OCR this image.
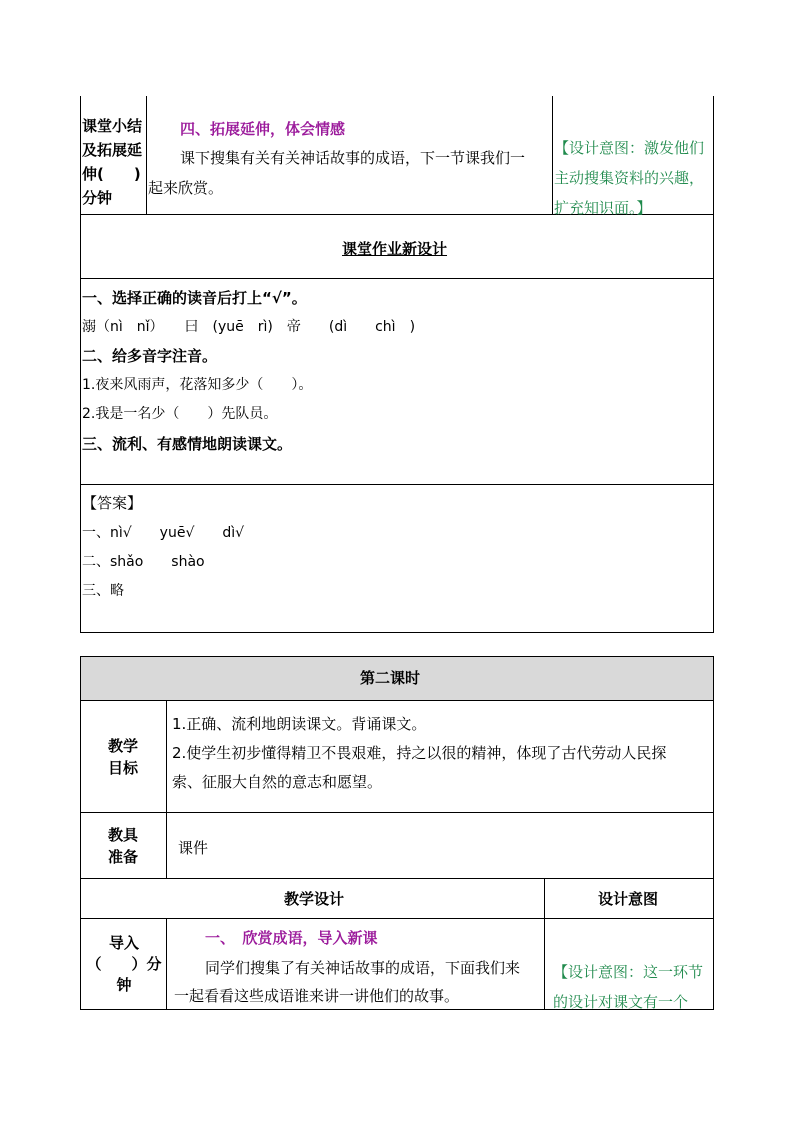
课堂小结
及拓展延
伸(　　)
分钟
四、拓展延伸，体会情感
课下搜集有关有关神话故事的成语，下一节课我们一
起来欣赏。
【设计意图：激发他们
主动搜集资料的兴趣，
扩充知识面。】
课堂作业新设计
一、选择正确的读音后打上“√”。
溺（nì　nǐ）　　曰　(yuē　rì)　帝　　(dì　　chì　)
二、给多音字注音。
1.夜来风雨声，花落知多少（　　）。
2.我是一名少（　　）先队员。
三、流利、有感情地朗读课文。
【答案】
一、nì√　　yuē√　　dì√
二、shǎo　　shào
三、略
第二课时
教学
目标
1.正确、流利地朗读课文。背诵课文。
2.使学生初步懂得精卫不畏艰难，持之以很的精神，体现了古代劳动人民探
索、征服大自然的意志和愿望。
教具
准备	课件
教学设计	设计意图
导入
（　　）分
钟
一、　欣赏成语，导入新课
同学们搜集了有关神话故事的成语，下面我们来
一起看看这些成语谁来讲一讲他们的故事。
【设计意图：这一环节
的设计对课文有一个
